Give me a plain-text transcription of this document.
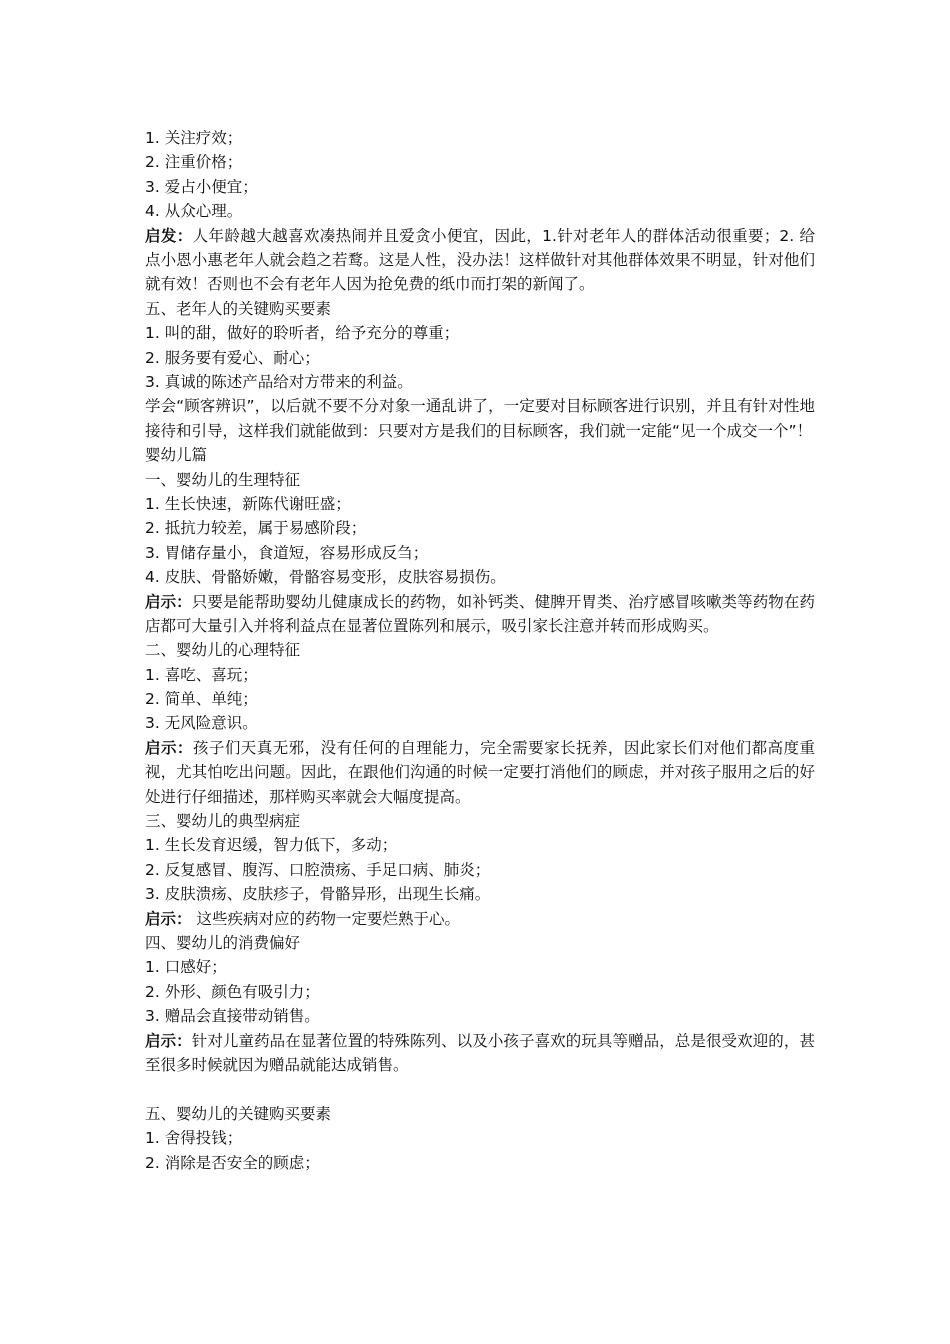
1. 关注疗效；
2. 注重价格；
3. 爱占小便宜；
4. 从众心理。
启发：人年龄越大越喜欢凑热闹并且爱贪小便宜，因此，1.针对老年人的群体活动很重要；2. 给点小恩小惠老年人就会趋之若鹜。这是人性，没办法！这样做针对其他群体效果不明显，针对他们就有效！否则也不会有老年人因为抢免费的纸巾而打架的新闻了。
五、老年人的关键购买要素
1. 叫的甜，做好的聆听者，给予充分的尊重；
2. 服务要有爱心、耐心；
3. 真诚的陈述产品给对方带来的利益。
学会“顾客辨识”，以后就不要不分对象一通乱讲了，一定要对目标顾客进行识别，并且有针对性地接待和引导，这样我们就能做到：只要对方是我们的目标顾客，我们就一定能“见一个成交一个”！
婴幼儿篇
一、婴幼儿的生理特征
1. 生长快速，新陈代谢旺盛；
2. 抵抗力较差，属于易感阶段；
3. 胃储存量小，食道短，容易形成反刍；
4. 皮肤、骨骼娇嫩，骨骼容易变形，皮肤容易损伤。
启示：只要是能帮助婴幼儿健康成长的药物，如补钙类、健脾开胃类、治疗感冒咳嗽类等药物在药店都可大量引入并将利益点在显著位置陈列和展示，吸引家长注意并转而形成购买。
二、婴幼儿的心理特征
1. 喜吃、喜玩；
2. 简单、单纯；
3. 无风险意识。
启示：孩子们天真无邪，没有任何的自理能力，完全需要家长抚养，因此家长们对他们都高度重视，尤其怕吃出问题。因此，在跟他们沟通的时候一定要打消他们的顾虑，并对孩子服用之后的好处进行仔细描述，那样购买率就会大幅度提高。
三、婴幼儿的典型病症
1. 生长发育迟缓，智力低下，多动；
2. 反复感冒、腹泻、口腔溃疡、手足口病、肺炎；
3. 皮肤溃疡、皮肤疹子，骨骼异形，出现生长痛。
启示： 这些疾病对应的药物一定要烂熟于心。
四、婴幼儿的消费偏好
1. 口感好；
2. 外形、颜色有吸引力；
3. 赠品会直接带动销售。
启示：针对儿童药品在显著位置的特殊陈列、以及小孩子喜欢的玩具等赠品，总是很受欢迎的，甚至很多时候就因为赠品就能达成销售。
五、婴幼儿的关键购买要素
1. 舍得投钱；
2. 消除是否安全的顾虑；
